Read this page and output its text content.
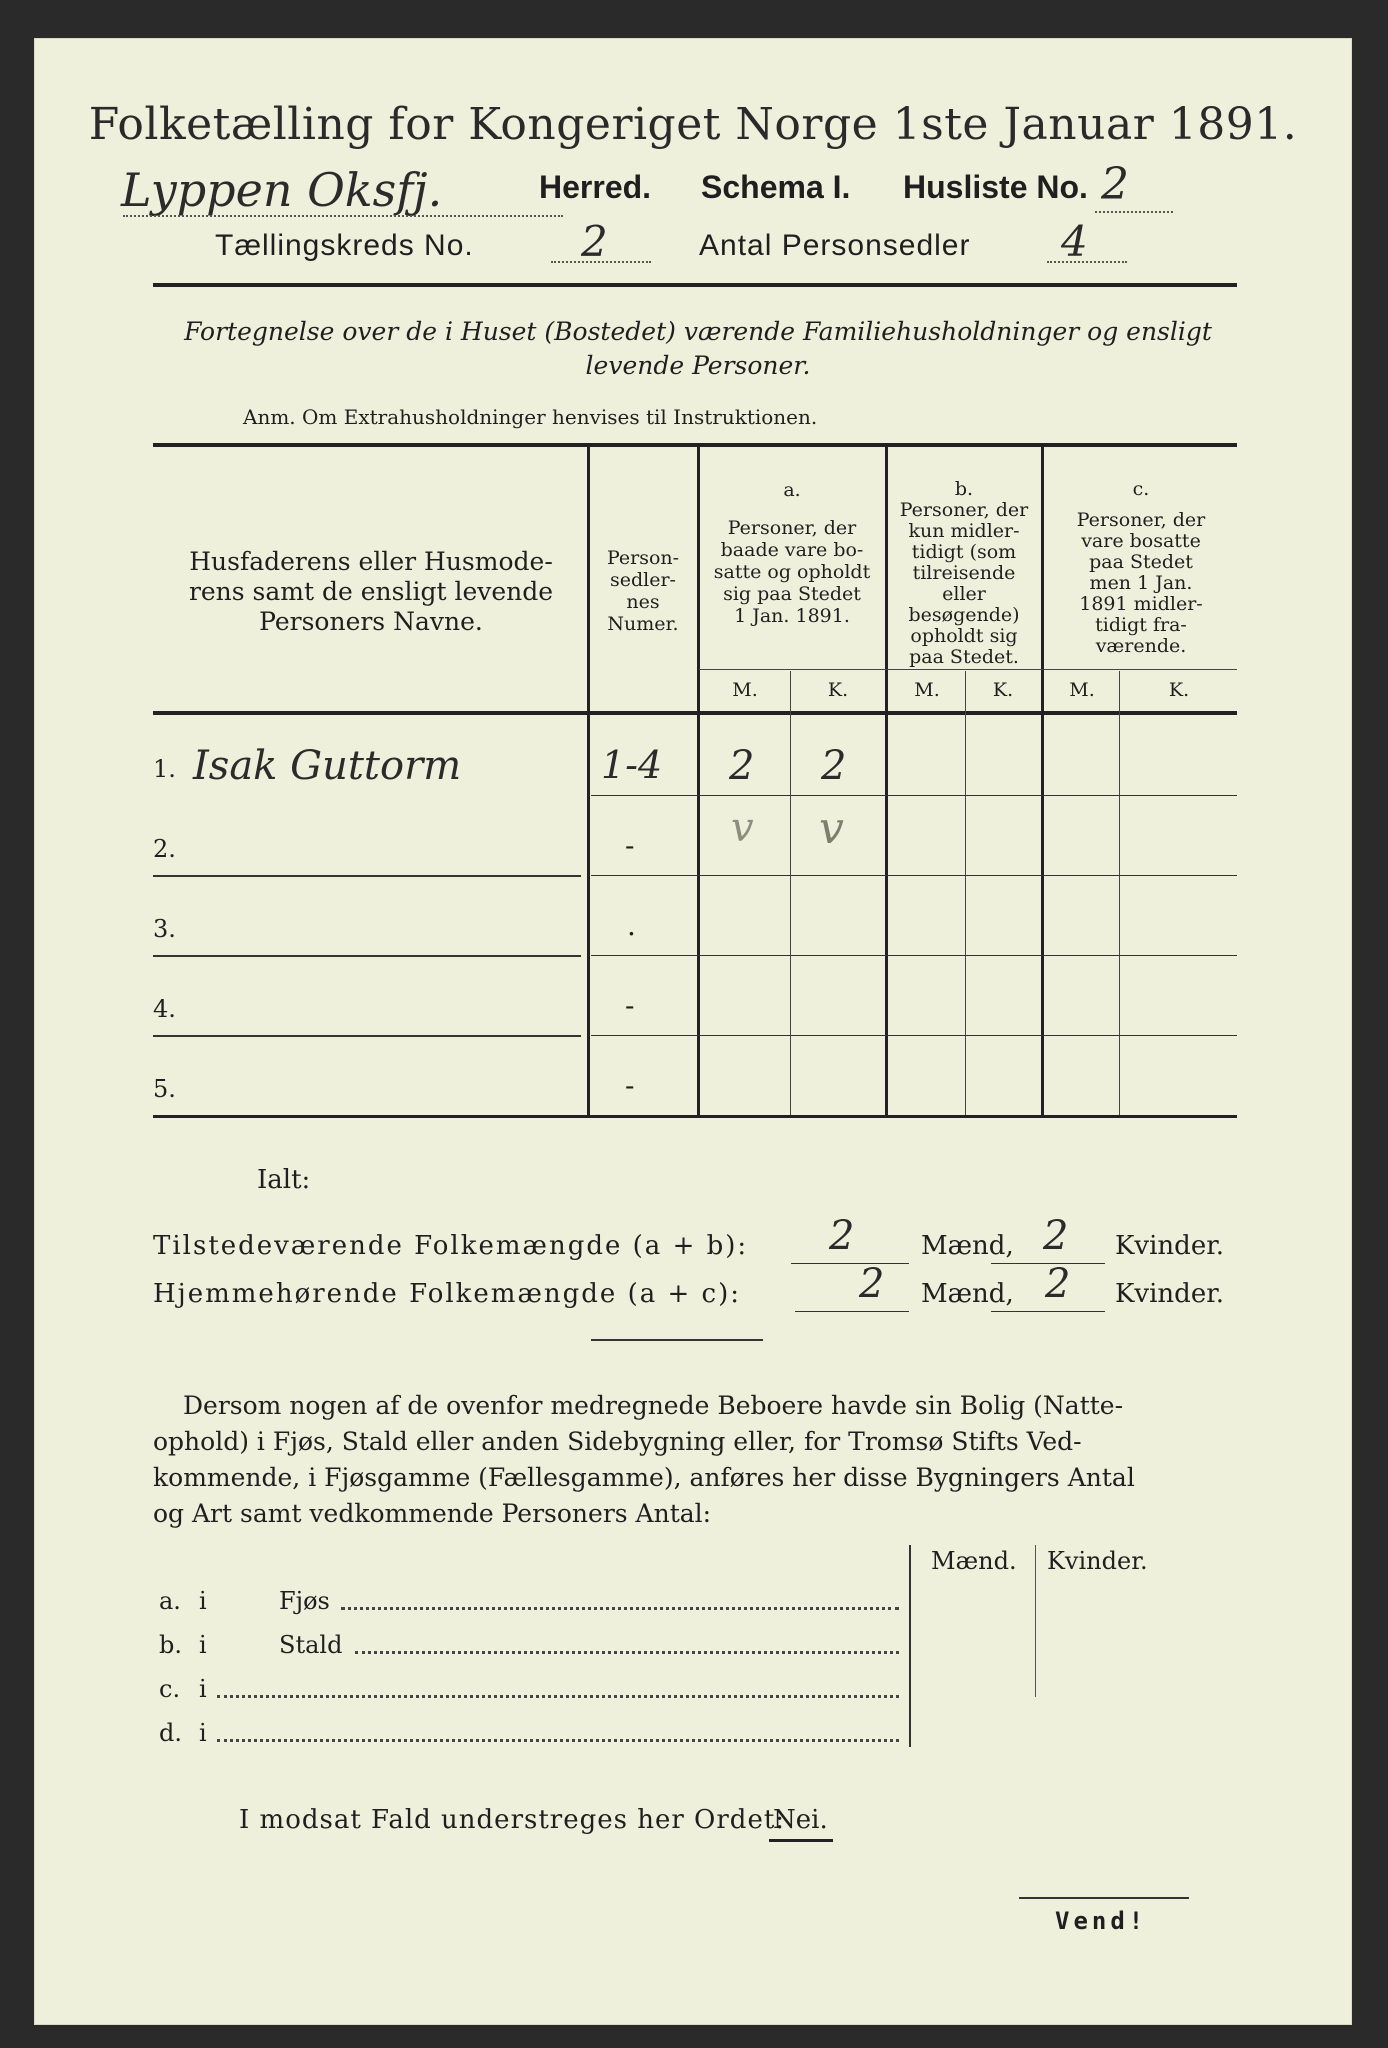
Folketælling for Kongeriget Norge 1ste Januar 1891.
Lyppen Oksfj.	Herred. Schema I. Husliste No. 2
Tællingskreds No.	2	Antal Personsedler 4
Fortegnelse over de i Huset (Bostedet) værende Familiehusholdninger og ensligt
levende Personer.
Anm. Om Extrahusholdninger henvises til Instruktionen.
Husfaderens eller Husmode-
rens samt de ensligt levende
Personers Navne.
Person-
sedler-
nes
Numer.
a.
Personer, der
baade vare bo-
satte og opholdt
sig paa Stedet
1 Jan. 1891.
b.
Personer, der
kun midler-
tidigt (som
tilreisende
eller
besøgende)
opholdt sig
paa Stedet.
c.
Personer, der
vare bosatte
paa Stedet
men 1 Jan.
1891 midler-
tidigt fra-
værende.
M.	K.	M.	K.	M.	K.
1. Isak Guttorm	1-4 2 2
2.	- v v
3.	.
4.	-
5.	-
Ialt:
Tilstedeværende Folkemængde (a + b): 2	Mænd, 2 Kvinder.
Hjemmehørende Folkemængde (a + c):	2 Mænd, 2 Kvinder.
Dersom nogen af de ovenfor medregnede Beboere havde sin Bolig (Natte-
ophold) i Fjøs, Stald eller anden Sidebygning eller, for Tromsø Stifts Ved-
kommende, i Fjøsgamme (Fællesgamme), anføres her disse Bygningers Antal
og Art samt vedkommende Personers Antal:
Mænd. Kvinder.
a. i	Fjøs
b. i	Stald
c. i
d. i
I modsat Fald understreges her Ordet:
Nei.
Vend!
